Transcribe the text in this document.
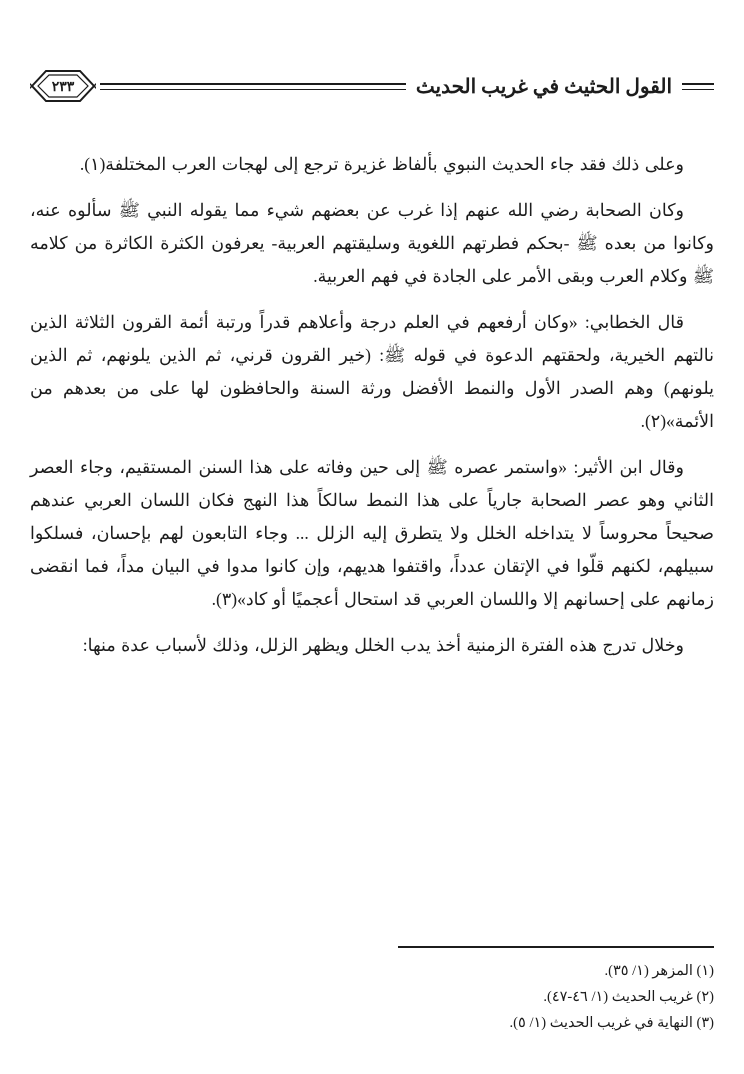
القول الحثيث في غريب الحديث
٢٣٣

وعلى ذلك فقد جاء الحديث النبوي بألفاظ غزيرة ترجع إلى لهجات العرب المختلفة(١).

وكان الصحابة رضي الله عنهم إذا غرب عن بعضهم شيء مما يقوله النبي ﷺ سألوه عنه، وكانوا من بعده ﷺ -بحكم فطرتهم اللغوية وسليقتهم العربية- يعرفون الكثرة الكاثرة من كلامه ﷺ وكلام العرب وبقى الأمر على الجادة في فهم العربية.

قال الخطابي: «وكان أرفعهم في العلم درجة وأعلاهم قدراً ورتبة أئمة القرون الثلاثة الذين نالتهم الخيرية، ولحقتهم الدعوة في قوله ﷺ: (خير القرون قرني، ثم الذين يلونهم، ثم الذين يلونهم) وهم الصدر الأول والنمط الأفضل ورثة السنة والحافظون لها على من بعدهم من الأئمة»(٢).

وقال ابن الأثير: «واستمر عصره ﷺ إلى حين وفاته على هذا السنن المستقيم، وجاء العصر الثاني وهو عصر الصحابة جارياً على هذا النمط سالكاً هذا النهج فكان اللسان العربي عندهم صحيحاً محروساً لا يتداخله الخلل ولا يتطرق إليه الزلل ... وجاء التابعون لهم بإحسان، فسلكوا سبيلهم، لكنهم قلّوا في الإتقان عدداً، واقتفوا هديهم، وإن كانوا مدوا في البيان مداً، فما انقضى زمانهم على إحسانهم إلا واللسان العربي قد استحال أعجميًا أو كاد»(٣).

وخلال تدرج هذه الفترة الزمنية أخذ يدب الخلل ويظهر الزلل، وذلك لأسباب عدة منها:

(١) المزهر (١/ ٣٥).
(٢) غريب الحديث (١/ ٤٦-٤٧).
(٣) النهاية في غريب الحديث (١/ ٥).
